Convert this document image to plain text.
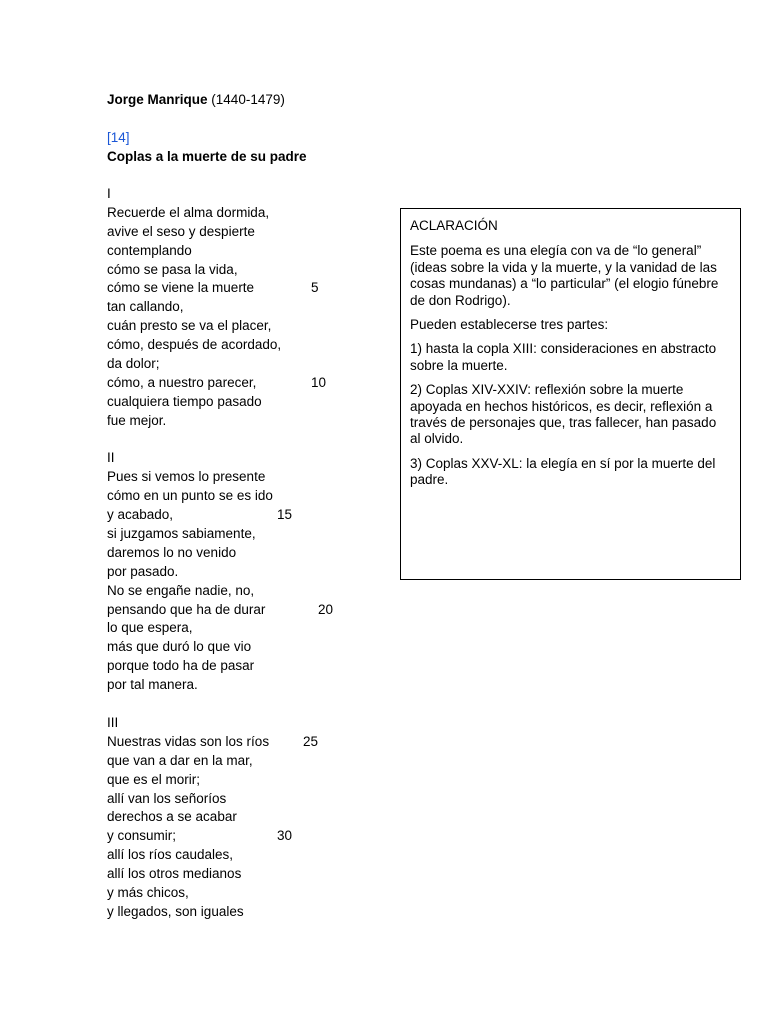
Jorge Manrique (1440-1479)
[14]
Coplas a la muerte de su padre
I
Recuerde el alma dormida,
avive el seso y despierte
contemplando
cómo se pasa la vida,
cómo se viene la muerte	5
tan callando,
cuán presto se va el placer,
cómo, después de acordado,
da dolor;
cómo, a nuestro parecer,	10
cualquiera tiempo pasado
fue mejor.
II
Pues si vemos lo presente
cómo en un punto se es ido
y acabado,	15
si juzgamos sabiamente,
daremos lo no venido
por pasado.
No se engañe nadie, no,
pensando que ha de durar	20
lo que espera,
más que duró lo que vio
porque todo ha de pasar
por tal manera.
III
Nuestras vidas son los ríos	25
que van a dar en la mar,
que es el morir;
allí van los señoríos
derechos a se acabar
y consumir;	30
allí los ríos caudales,
allí los otros medianos
y más chicos,
y llegados, son iguales

ACLARACIÓN

Este poema es una elegía con va de “lo general” (ideas sobre la vida y la muerte, y la vanidad de las cosas mundanas) a “lo particular” (el elogio fúnebre de don Rodrigo).

Pueden establecerse tres partes:

1) hasta la copla XIII: consideraciones en abstracto sobre la muerte.

2) Coplas XIV-XXIV: reflexión sobre la muerte apoyada en hechos históricos, es decir, reflexión a través de personajes que, tras fallecer, han pasado al olvido.

3) Coplas XXV-XL: la elegía en sí por la muerte del padre.
